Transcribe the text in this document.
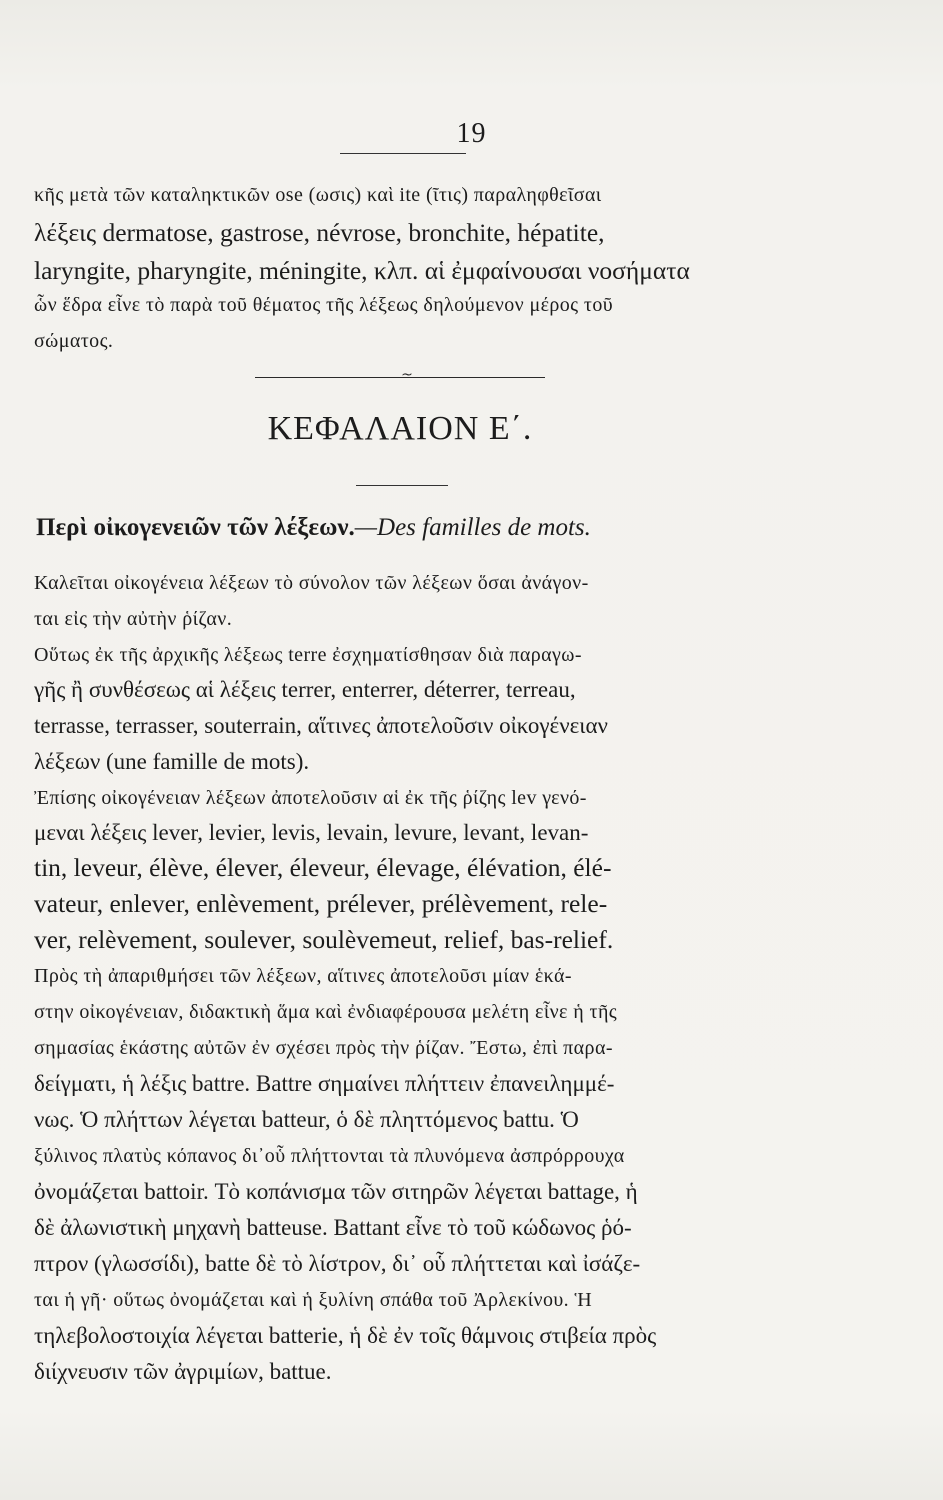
19
κῆς μετὰ τῶν καταληκτικῶν ose (ωσις) καὶ ite (ῖτις) παραληφθεῖσαι
λέξεις dermatose, gastrose, névrose, bronchite, hépatite,
laryngite, pharyngite, méningite, κλπ. αἱ ἐμφαίνουσαι νοσήματα
ὧν ἕδρα εἶνε τὸ παρὰ τοῦ θέματος τῆς λέξεως δηλούμενον μέρος τοῦ
σώματος.
~
ΚΕΦΑΛΑΙΟΝ Ε΄.
Περὶ οἰκογενειῶν τῶν λέξεων.—Des familles de mots.
Καλεῖται οἰκογένεια λέξεων τὸ σύνολον τῶν λέξεων ὅσαι ἀνάγον-
ται εἰς τὴν αὐτὴν ῥίζαν.
Οὕτως ἐκ τῆς ἀρχικῆς λέξεως terre ἐσχηματίσθησαν διὰ παραγω-
γῆς ἢ συνθέσεως αἱ λέξεις terrer, enterrer, déterrer, terreau,
terrasse, terrasser, souterrain, αἵτινες ἀποτελοῦσιν οἰκογένειαν
λέξεων (une famille de mots).
Ἐπίσης οἰκογένειαν λέξεων ἀποτελοῦσιν αἱ ἐκ τῆς ῥίζης lev γενό-
μεναι λέξεις lever, levier, levis, levain, levure, levant, levan-
tin, leveur, élève, élever, éleveur, élevage, élévation, élé-
vateur, enlever, enlèvement, prélever, prélèvement, rele-
ver, relèvement, soulever, soulèvemeut, relief, bas-relief.
Πρὸς τὴ ἀπαριθμήσει τῶν λέξεων, αἵτινες ἀποτελοῦσι μίαν ἑκά-
στην οἰκογένειαν, διδακτικὴ ἅμα καὶ ἐνδιαφέρουσα μελέτη εἶνε ἡ τῆς
σημασίας ἑκάστης αὐτῶν ἐν σχέσει πρὸς τὴν ῥίζαν. Ἔστω, ἐπὶ παρα-
δείγματι, ἡ λέξις battre. Battre σημαίνει πλήττειν ἐπανειλημμέ-
νως. Ὁ πλήττων λέγεται batteur, ὁ δὲ πληττόμενος battu. Ὁ
ξύλινος πλατὺς κόπανος δι᾽οὗ πλήττονται τὰ πλυνόμενα ἀσπρόρρουχα
ὀνομάζεται battoir. Τὸ κοπάνισμα τῶν σιτηρῶν λέγεται battage, ἡ
δὲ ἀλωνιστικὴ μηχανὴ batteuse. Battant εἶνε τὸ τοῦ κώδωνος ῥό-
πτρον (γλωσσίδι), batte δὲ τὸ λίστρον, δι᾽ οὗ πλήττεται καὶ ἰσάζε-
ται ἡ γῆ· οὕτως ὀνομάζεται καὶ ἡ ξυλίνη σπάθα τοῦ Ἀρλεκίνου. Ἡ
τηλεβολοστοιχία λέγεται batterie, ἡ δὲ ἐν τοῖς θάμνοις στιβεία πρὸς
διίχνευσιν τῶν ἀγριμίων, battue.
